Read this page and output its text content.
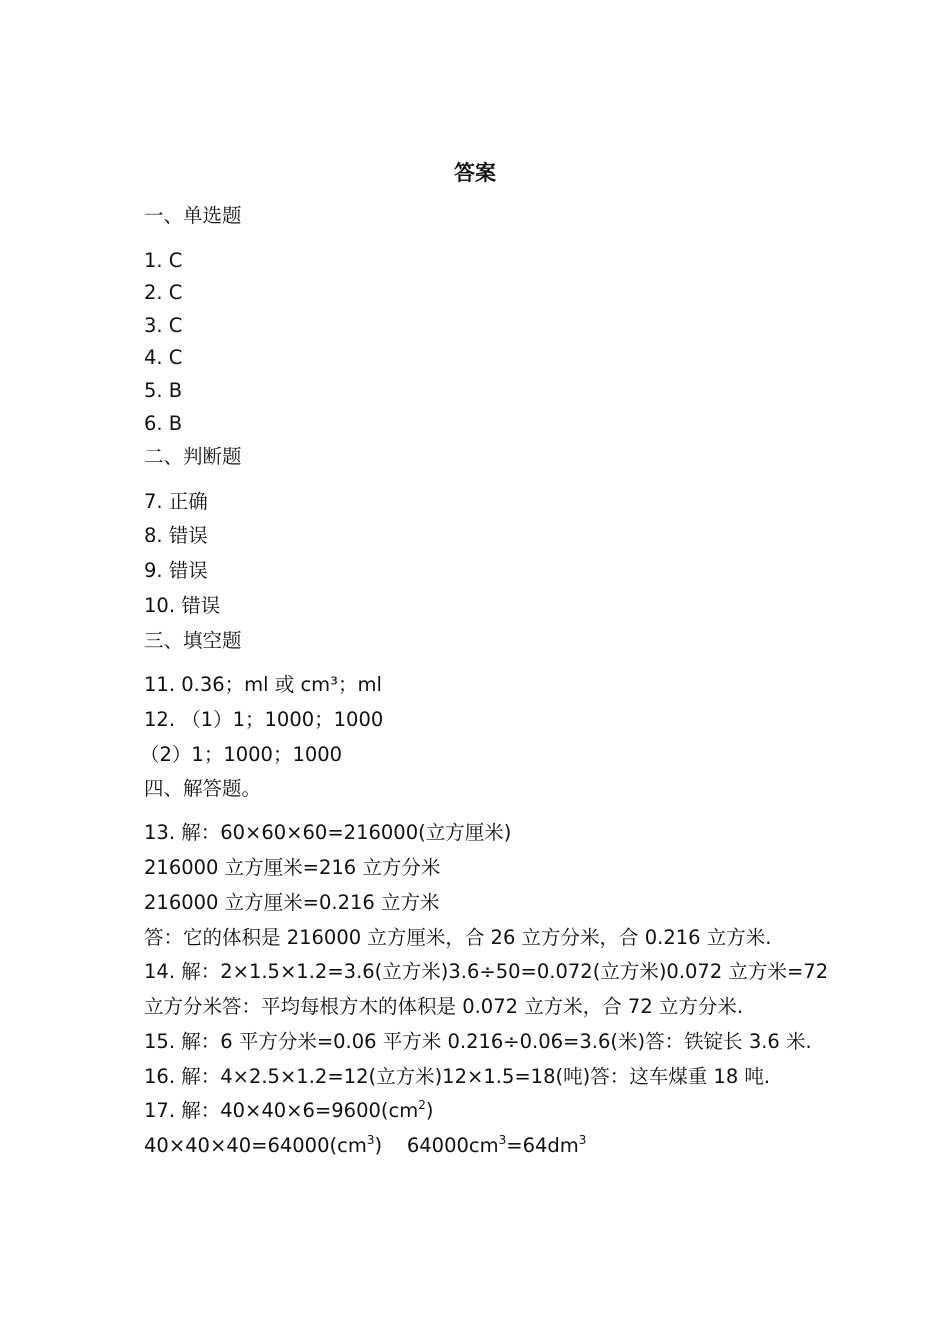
答案
一、单选题
1. C
2. C
3. C
4. C
5. B
6. B
二、判断题
7. 正确
8. 错误
9. 错误
10. 错误
三、填空题
11. 0.36；ml 或 cm³；ml
12. （1）1；1000；1000
（2）1；1000；1000
四、解答题。
13. 解：60×60×60=216000(立方厘米)
216000 立方厘米=216 立方分米
216000 立方厘米=0.216 立方米
答：它的体积是 216000 立方厘米，合 26 立方分米，合 0.216 立方米.
14. 解：2×1.5×1.2=3.6(立方米)3.6÷50=0.072(立方米)0.072 立方米=72
立方分米答：平均每根方木的体积是 0.072 立方米，合 72 立方分米.
15. 解：6 平方分米=0.06 平方米 0.216÷0.06=3.6(米)答：铁锭长 3.6 米.
16. 解：4×2.5×1.2=12(立方米)12×1.5=18(吨)答：这车煤重 18 吨.
17. 解：$40\times 40\times 6=9600(cm^2)$
$40\times 40\times 40=64000(cm^3)$    $64000cm^3=64dm^3$
